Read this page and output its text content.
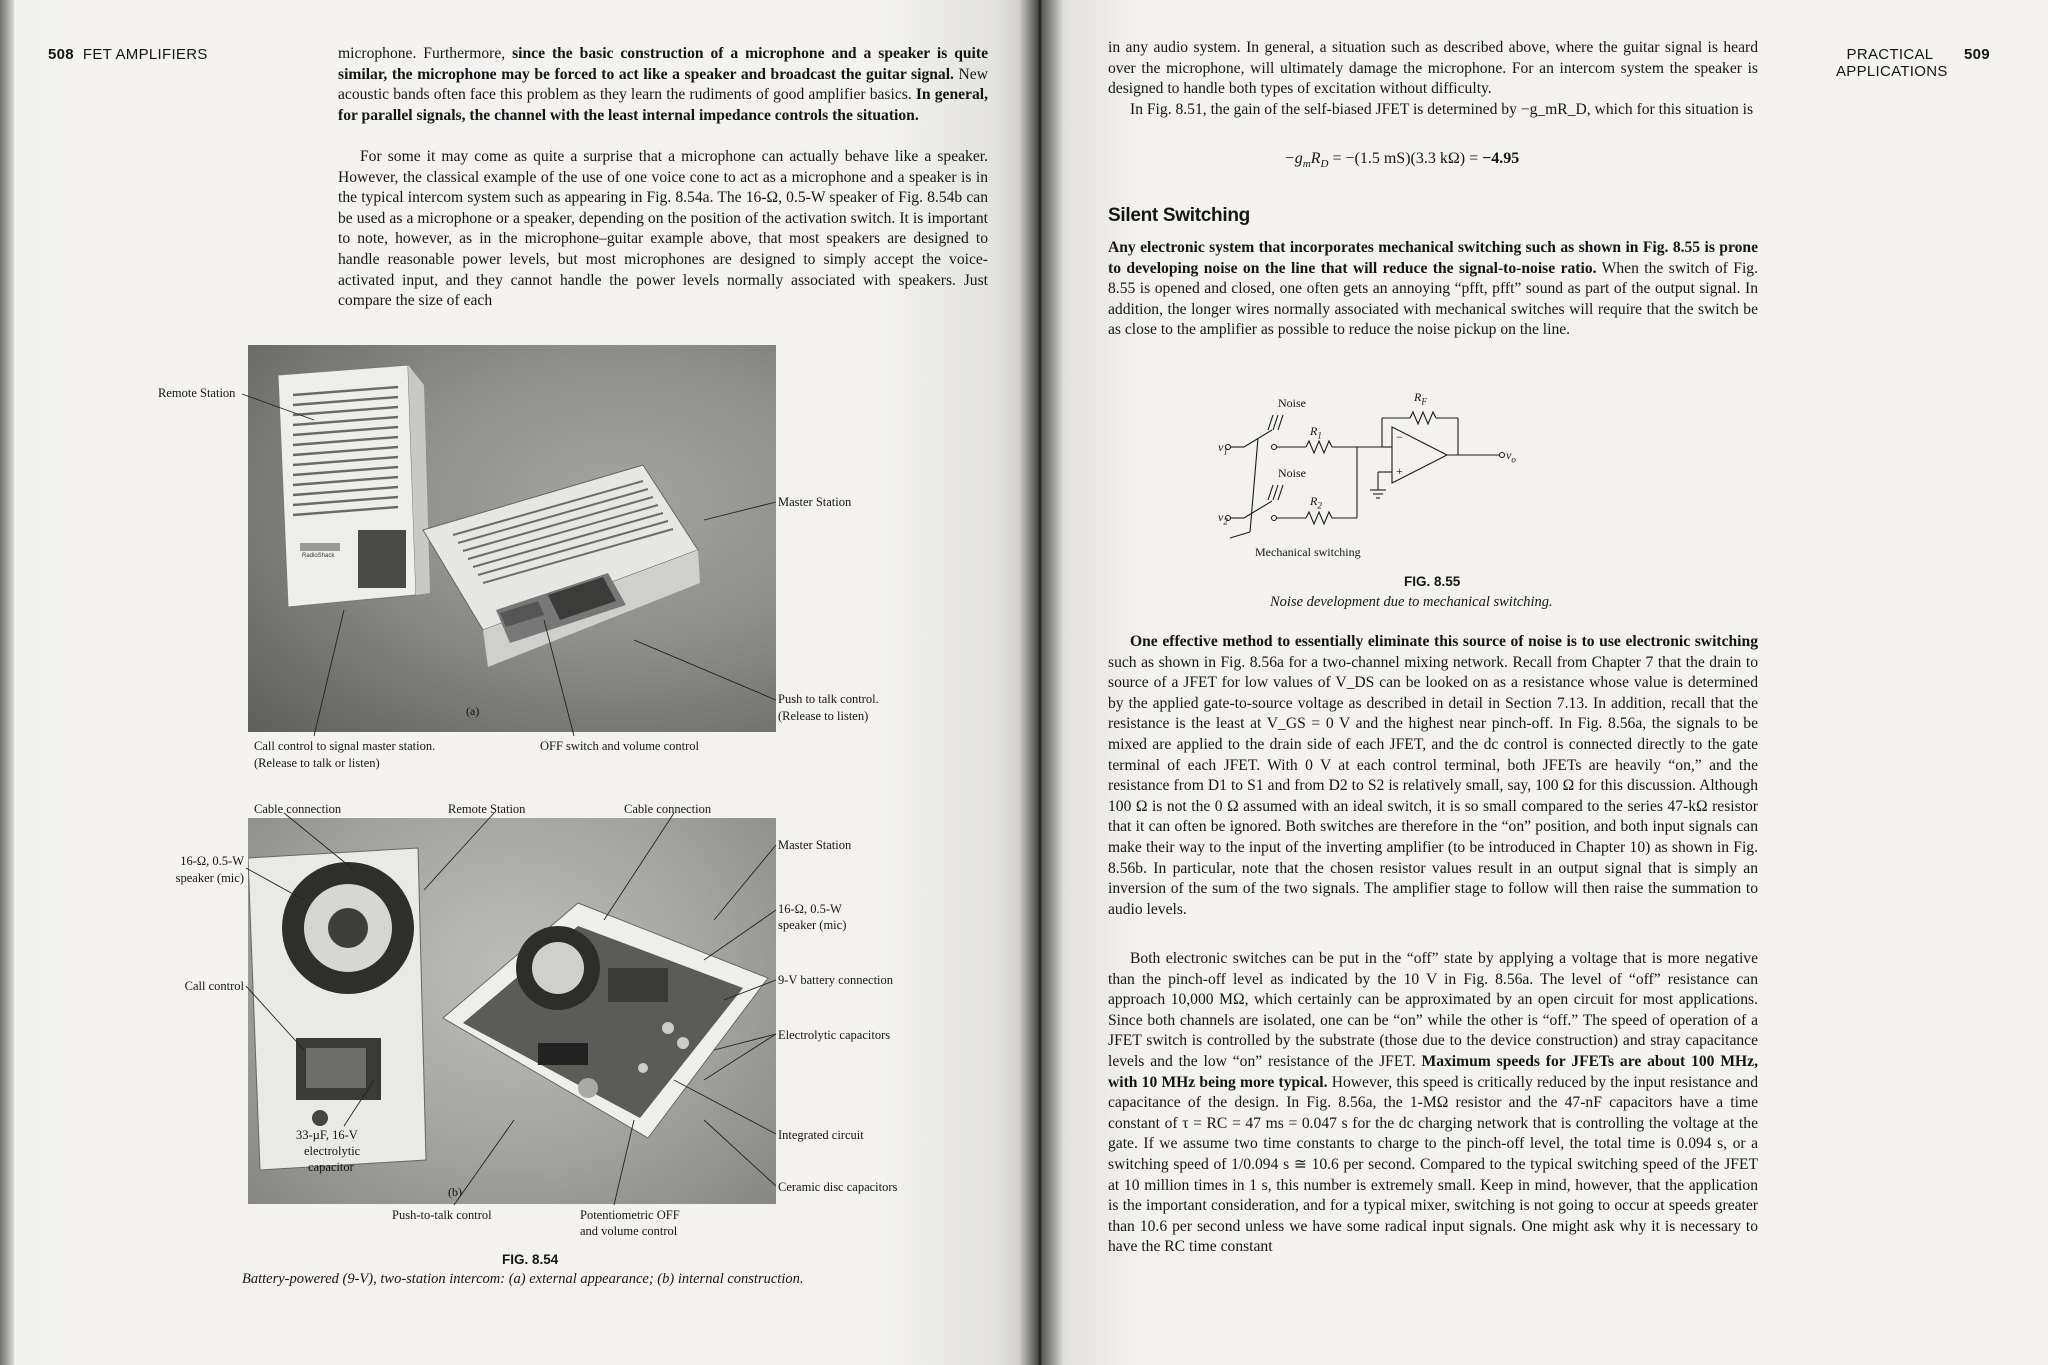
508 FET AMPLIFIERS	microphone. Furthermore, since the basic construction of a microphone and a speaker is quite similar, the microphone may be forced to act like a speaker and broadcast the guitar signal. New acoustic bands often face this problem as they learn the rudiments of good amplifier basics. In general, for parallel signals, the channel with the least internal impedance controls the situation.

For some it may come as quite a surprise that a microphone can actually behave like a speaker. However, the classical example of the use of one voice cone to act as a microphone and a speaker is in the typical intercom system such as appearing in Fig. 8.54a. The 16-Ω, 0.5-W speaker of Fig. 8.54b can be used as a microphone or a speaker, depending on the position of the activation switch. It is important to note, however, as in the microphone–guitar example above, that most speakers are designed to handle reasonable power levels, but most microphones are designed to simply accept the voice-activated input, and they cannot handle the power levels normally associated with speakers. Just compare the size of each

RadioShack
(a)
Remote Station
Master Station
Push to talk control.
(Release to listen)
Call control to signal master station.
(Release to talk or listen)
OFF switch and volume control
(b)
Cable connection	Remote Station	Cable connection
16-Ω, 0.5-W
speaker (mic)
Call control
33-µF, 16-V
electrolytic
capacitor
Push-to-talk control	Potentiometric OFF
and volume control
Master Station
16-Ω, 0.5-W
speaker (mic)
9-V battery connection
Electrolytic capacitors
Integrated circuit
Ceramic disc capacitors
FIG. 8.54
Battery-powered (9-V), two-station intercom: (a) external appearance; (b) internal construction.
PRACTICAL
APPLICATIONS
509

in any audio system. In general, a situation such as described above, where the guitar signal is heard over the microphone, will ultimately damage the microphone. For an intercom system the speaker is designed to handle both types of excitation without difficulty.

In Fig. 8.51, the gain of the self-biased JFET is determined by −g_mR_D, which for this situation is

$-g_mR_D = -(1.5$ mS)(3.3 kΩ) = −4.95
Silent Switching

Any electronic system that incorporates mechanical switching such as shown in Fig. 8.55 is prone to developing noise on the line that will reduce the signal-to-noise ratio. When the switch of Fig. 8.55 is opened and closed, one often gets an annoying “pfft, pfft” sound as part of the output signal. In addition, the longer wires normally associated with mechanical switches will require that the switch be as close to the amplifier as possible to reduce the noise pickup on the line.

Noise
Noise
$R_F$
$R_1$
$R_2$
$v_1$
$v_2$
$v_o$
−
+
Mechanical switching
FIG. 8.55
Noise development due to mechanical switching.

One effective method to essentially eliminate this source of noise is to use electronic switching such as shown in Fig. 8.56a for a two-channel mixing network. Recall from Chapter 7 that the drain to source of a JFET for low values of V_DS can be looked on as a resistance whose value is determined by the applied gate-to-source voltage as described in detail in Section 7.13. In addition, recall that the resistance is the least at V_GS = 0 V and the highest near pinch-off. In Fig. 8.56a, the signals to be mixed are applied to the drain side of each JFET, and the dc control is connected directly to the gate terminal of each JFET. With 0 V at each control terminal, both JFETs are heavily “on,” and the resistance from D1 to S1 and from D2 to S2 is relatively small, say, 100 Ω for this discussion. Although 100 Ω is not the 0 Ω assumed with an ideal switch, it is so small compared to the series 47-kΩ resistor that it can often be ignored. Both switches are therefore in the “on” position, and both input signals can make their way to the input of the inverting amplifier (to be introduced in Chapter 10) as shown in Fig. 8.56b. In particular, note that the chosen resistor values result in an output signal that is simply an inversion of the sum of the two signals. The amplifier stage to follow will then raise the summation to audio levels.

Both electronic switches can be put in the “off” state by applying a voltage that is more negative than the pinch-off level as indicated by the 10 V in Fig. 8.56a. The level of “off” resistance can approach 10,000 MΩ, which certainly can be approximated by an open circuit for most applications. Since both channels are isolated, one can be “on” while the other is “off.” The speed of operation of a JFET switch is controlled by the substrate (those due to the device construction) and stray capacitance levels and the low “on” resistance of the JFET. Maximum speeds for JFETs are about 100 MHz, with 10 MHz being more typical. However, this speed is critically reduced by the input resistance and capacitance of the design. In Fig. 8.56a, the 1-MΩ resistor and the 47-nF capacitors have a time constant of τ = RC = 47 ms = 0.047 s for the dc charging network that is controlling the voltage at the gate. If we assume two time constants to charge to the pinch-off level, the total time is 0.094 s, or a switching speed of 1/0.094 s ≅ 10.6 per second. Compared to the typical switching speed of the JFET at 10 million times in 1 s, this number is extremely small. Keep in mind, however, that the application is the important consideration, and for a typical mixer, switching is not going to occur at speeds greater than 10.6 per second unless we have some radical input signals. One might ask why it is necessary to have the RC time constant
